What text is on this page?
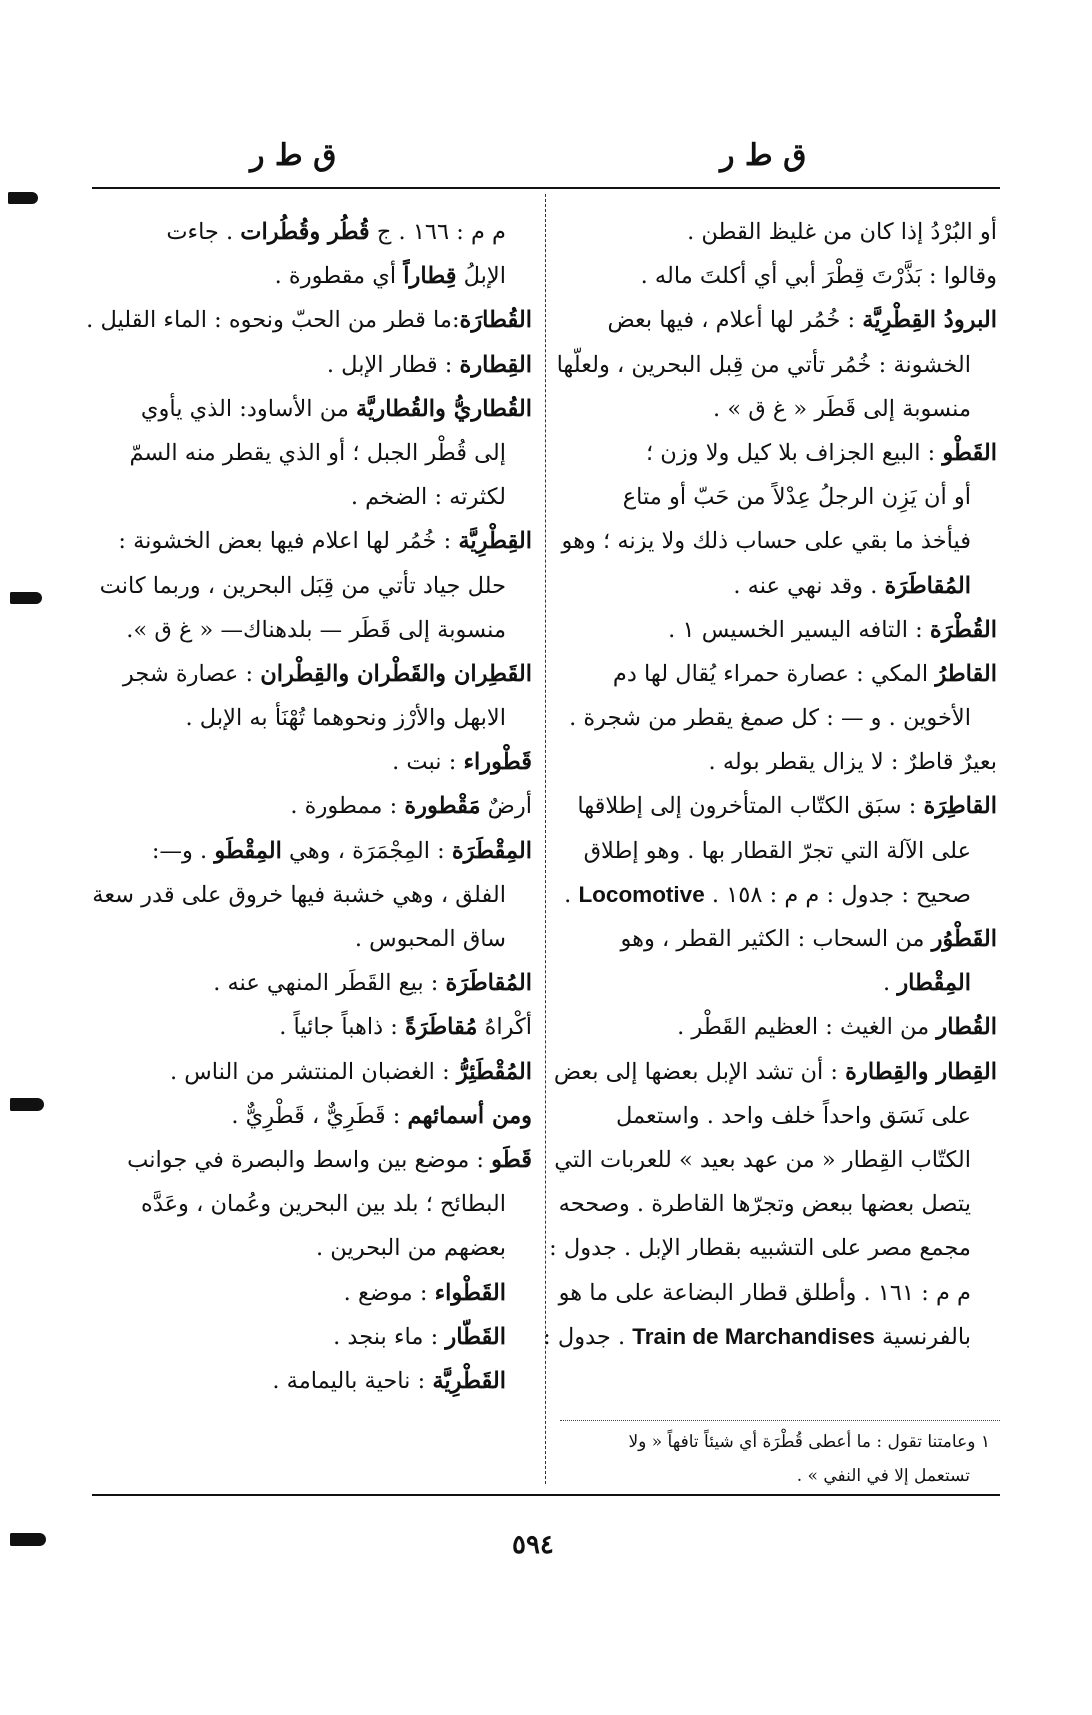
ق ط ر
ق ط ر
أو البُرْدُ إذا كان من غليظ القطن .
وقالوا : بَذَّرْتَ قِطْرَ أبي أي أكلتَ ماله .
البرودُ القِطْرِيَّة : خُمُر لها أعلام ، فيها بعض
الخشونة : خُمُر تأتي من قِبل البحرين ، ولعلّها
منسوبة إلى قَطَر « غ ق » .
القَطْو : البيع الجزاف بلا كيل ولا وزن ؛
أو أن يَزِن الرجلُ عِدْلاً من حَبّ أو متاع
فيأخذ ما بقي على حساب ذلك ولا يزنه ؛ وهو
المُقاطَرَة . وقد نهي عنه .
القُطْرَة : التافه اليسير الخسيس ١ .
القاطرُ المكي : عصارة حمراء يُقال لها دم
الأخوين . و — : كل صمغ يقطر من شجرة .
بعيرٌ قاطرٌ : لا يزال يقطر بوله .
القاطِرَة : سبَق الكتّاب المتأخرون إلى إطلاقها
على الآلة التي تجرّ القطار بها . وهو إطلاق
صحيح : جدول : م م : ١٥٨ . Locomotive .
القَطْوُر من السحاب : الكثير القطر ، وهو
المِقْطار .
القُطار من الغيث : العظيم القَطْر .
القِطار والقِطارة : أن تشد الإبل بعضها إلى بعض
على نَسَق واحداً خلف واحد . واستعمل
الكتّاب القِطار « من عهد بعيد » للعربات التي
يتصل بعضها ببعض وتجرّها القاطرة . وصححه
مجمع مصر على التشبيه بقطار الإبل . جدول :
م م : ١٦١ . وأطلق قطار البضاعة على ما هو
بالفرنسية Train de Marchandises . جدول :
م م : ١٦٦ . ج قُطُر وقُطُرات . جاءت
الإبلُ قِطاراً أي مقطورة .
القُطارَة:ما قطر من الحبّ ونحوه : الماء القليل .
القِطارة : قطار الإبل .
القُطاريُّ والقُطاريَّة من الأساود: الذي يأوي
إلى قُطْر الجبل ؛ أو الذي يقطر منه السمّ
لكثرته : الضخم .
القِطْرِيَّة : خُمُر لها اعلام فيها بعض الخشونة :
حلل جياد تأتي من قِبَل البحرين ، وربما كانت
منسوبة إلى قَطَر — بلدهناك— « غ ق ».
القَطِران والقَطْران والقِطْران : عصارة شجر
الابهل والأرْز ونحوهما تُهْنَأ به الإبل .
قَطْوراء : نبت .
أرضٌ مَقْطورة : ممطورة .
المِقْطَرَة : المِجْمَرَة ، وهي المِقْطَو . و—:
الفلق ، وهي خشبة فيها خروق على قدر سعة
ساق المحبوس .
المُقاطَرَة : بيع القَطَر المنهي عنه .
أكْراهُ مُقاطَرَةً : ذاهباً جائياً .
المُقْطَئِرُّ : الغضبان المنتشر من الناس .
ومن أسمائهم : قَطَرِيٌّ ، قَطْرِيٌّ .
قَطَو : موضع بين واسط والبصرة في جوانب
البطائح ؛ بلد بين البحرين وعُمان ، وعَدَّه
بعضهم من البحرين .
القَطْواء : موضع .
القَطّار : ماء بنجد .
القَطْرِيَّة : ناحية باليمامة .
١ وعامتنا تقول : ما أعطى قُطْرَة أي شيئاً تافهاً « ولا
تستعمل إلا في النفي » .
٥٩٤
